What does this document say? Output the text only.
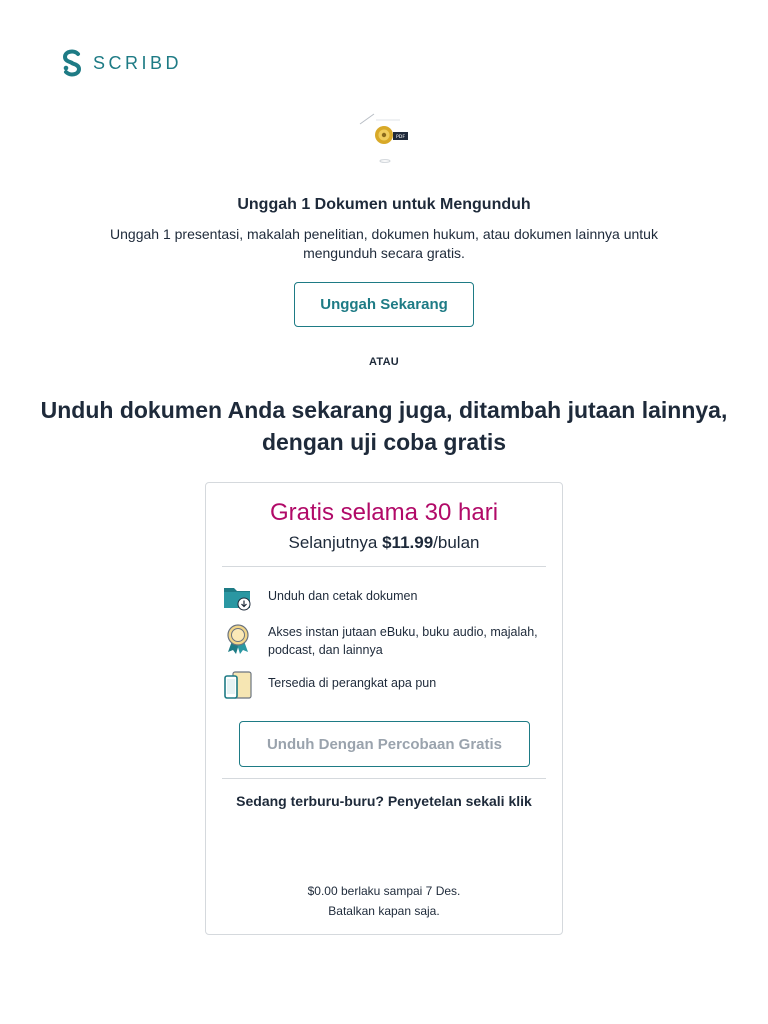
SCRIBD
PDF
Unggah 1 Dokumen untuk Mengunduh
Unggah 1 presentasi, makalah penelitian, dokumen hukum, atau dokumen lainnya untuk mengunduh secara gratis.
Unggah Sekarang
ATAU
Unduh dokumen Anda sekarang juga, ditambah jutaan lainnya, dengan uji coba gratis
Gratis selama 30 hari
Selanjutnya $11.99/bulan
Unduh dan cetak dokumen
Akses instan jutaan eBuku, buku audio, majalah, podcast, dan lainnya
Tersedia di perangkat apa pun
Unduh Dengan Percobaan Gratis
Sedang terburu-buru? Penyetelan sekali klik
$0.00 berlaku sampai 7 Des.
Batalkan kapan saja.
